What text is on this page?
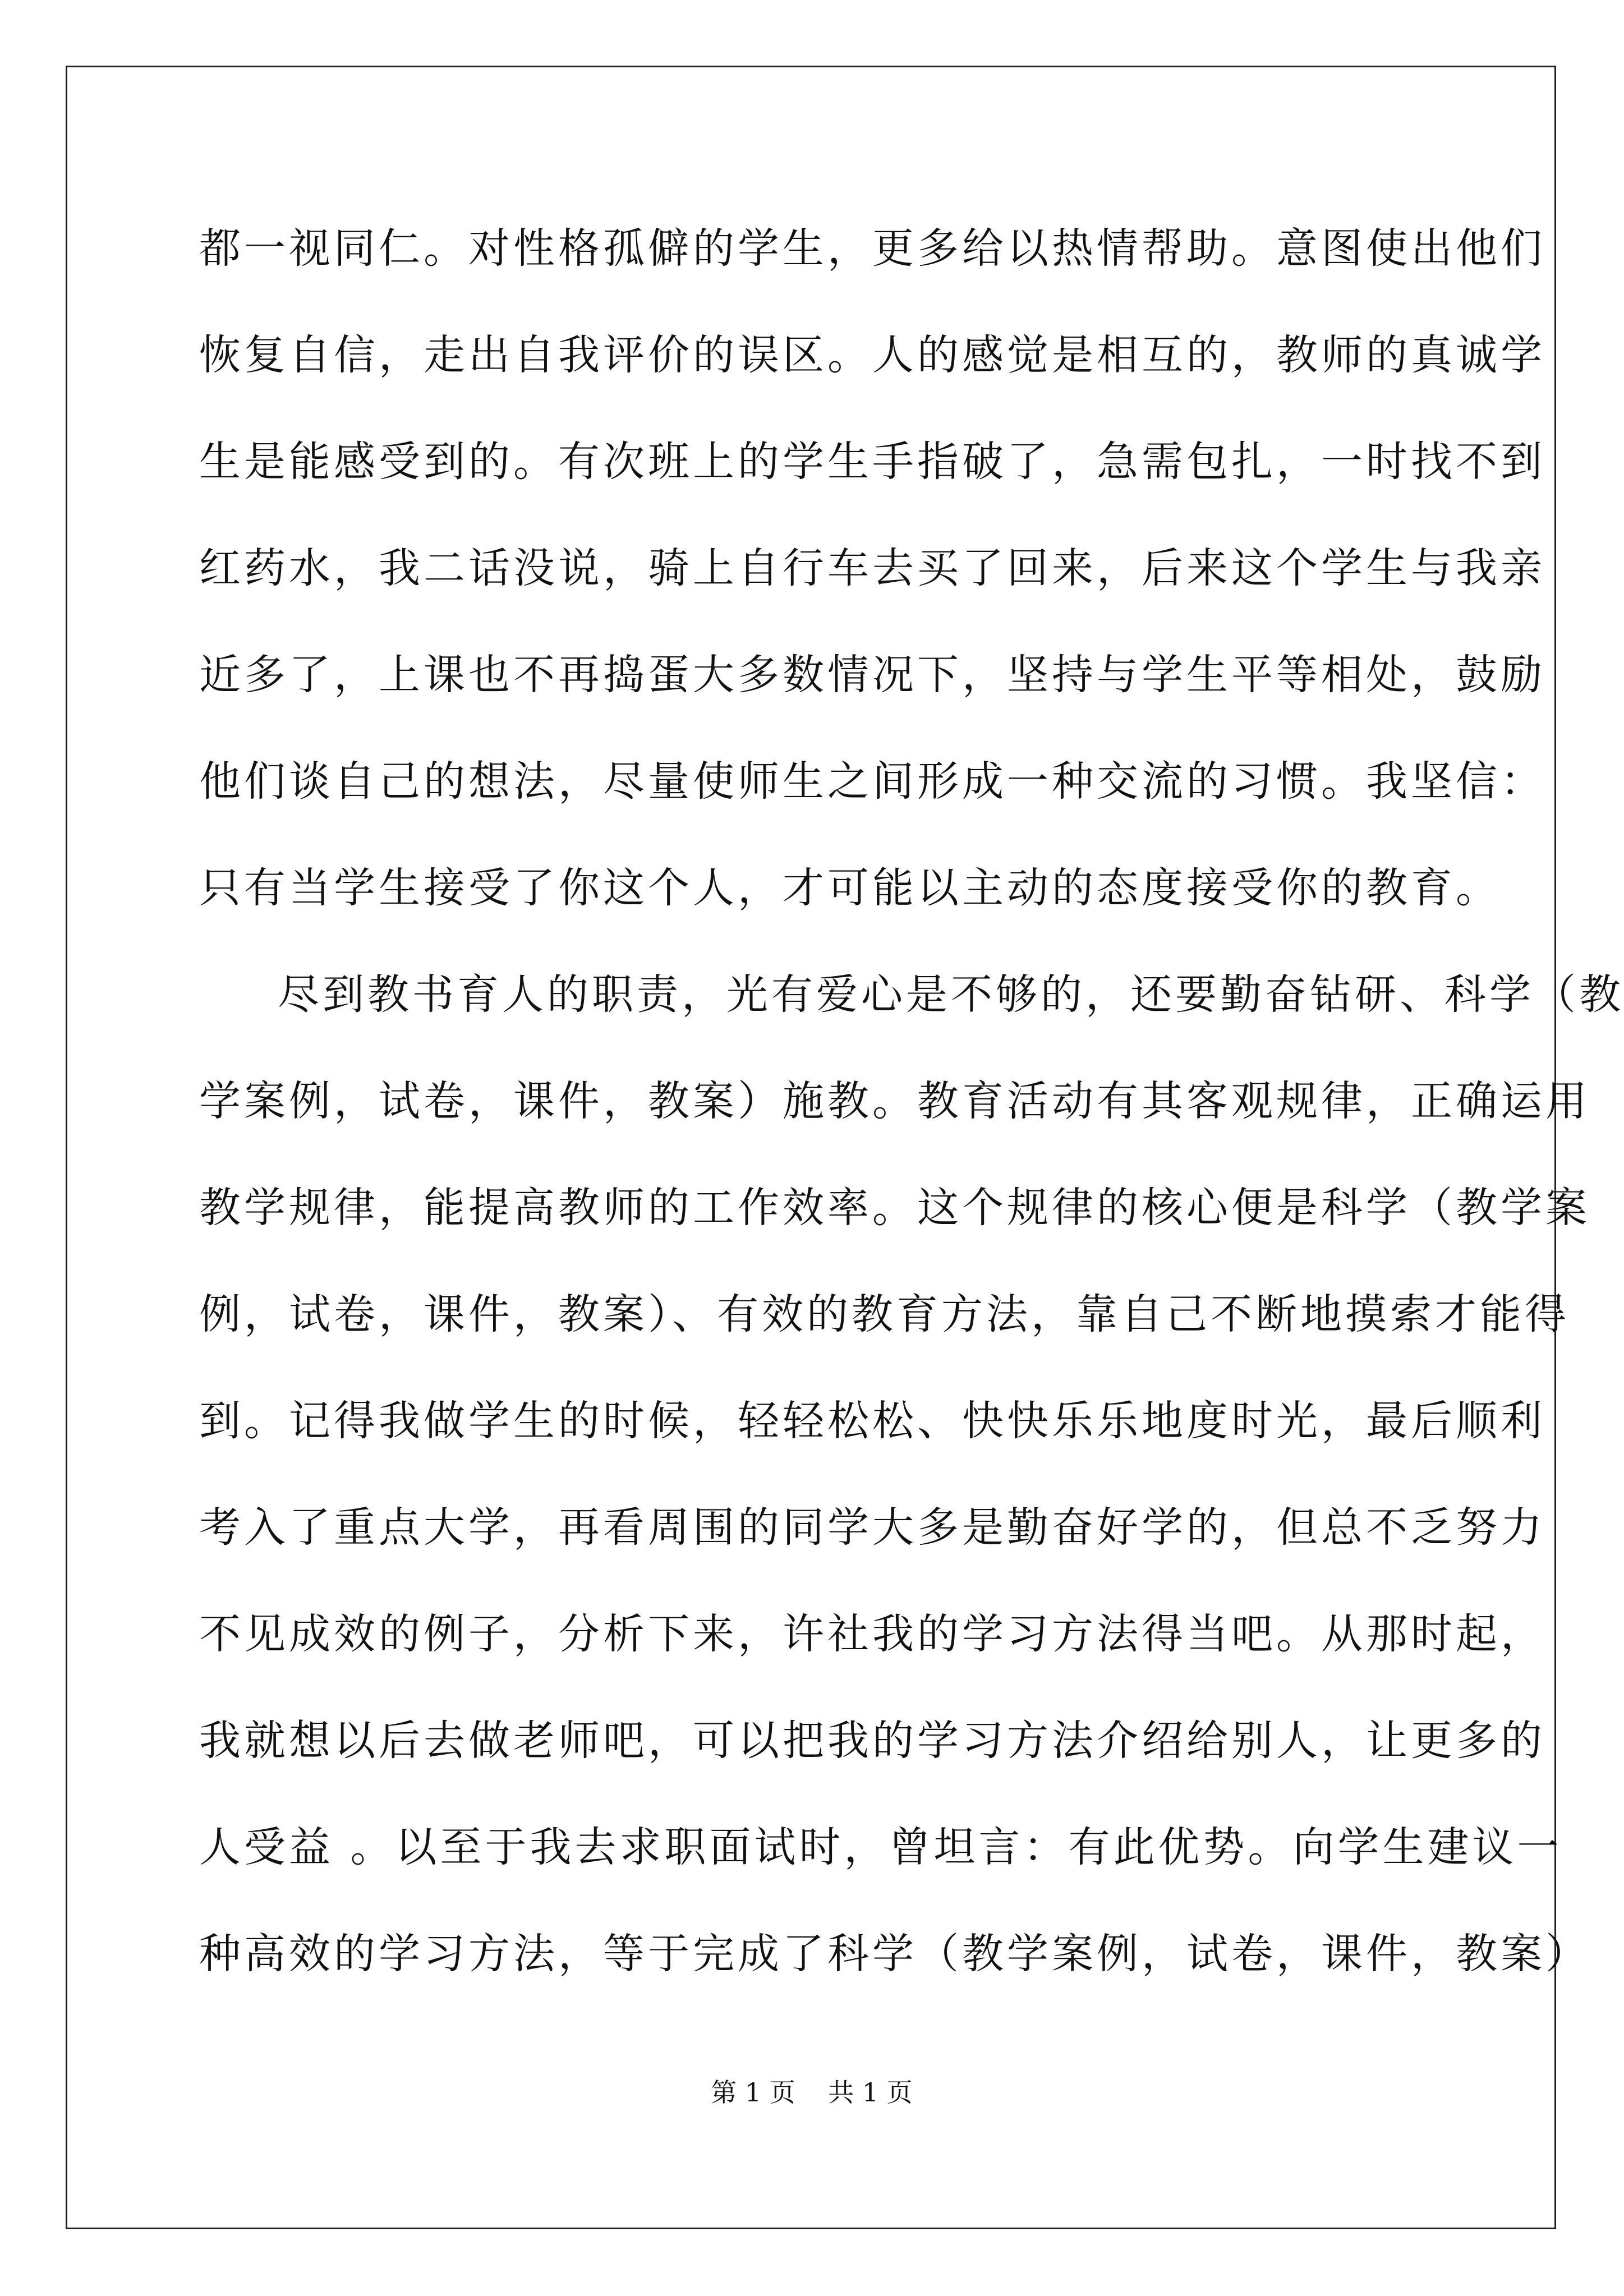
都一视同仁。对性格孤僻的学生，更多给以热情帮助。意图使出他们
恢复自信，走出自我评价的误区。人的感觉是相互的，教师的真诚学
生是能感受到的。有次班上的学生手指破了，急需包扎，一时找不到
红药水，我二话没说，骑上自行车去买了回来，后来这个学生与我亲
近多了，上课也不再捣蛋大多数情况下，坚持与学生平等相处，鼓励
他们谈自己的想法，尽量使师生之间形成一种交流的习惯。我坚信：
只有当学生接受了你这个人，才可能以主动的态度接受你的教育。
尽到教书育人的职责，光有爱心是不够的，还要勤奋钻研、科学（教
学案例，试卷，课件，教案）施教。教育活动有其客观规律，正确运用
教学规律，能提高教师的工作效率。这个规律的核心便是科学（教学案
例，试卷，课件，教案）、有效的教育方法，靠自己不断地摸索才能得
到。记得我做学生的时候，轻轻松松、快快乐乐地度时光，最后顺利
考入了重点大学，再看周围的同学大多是勤奋好学的，但总不乏努力
不见成效的例子，分析下来，许社我的学习方法得当吧。从那时起，
我就想以后去做老师吧，可以把我的学习方法介绍给别人，让更多的
人受益 。以至于我去求职面试时，曾坦言：有此优势。向学生建议一
种高效的学习方法，等于完成了科学（教学案例，试卷，课件，教案）
第 1 页    共 1 页
